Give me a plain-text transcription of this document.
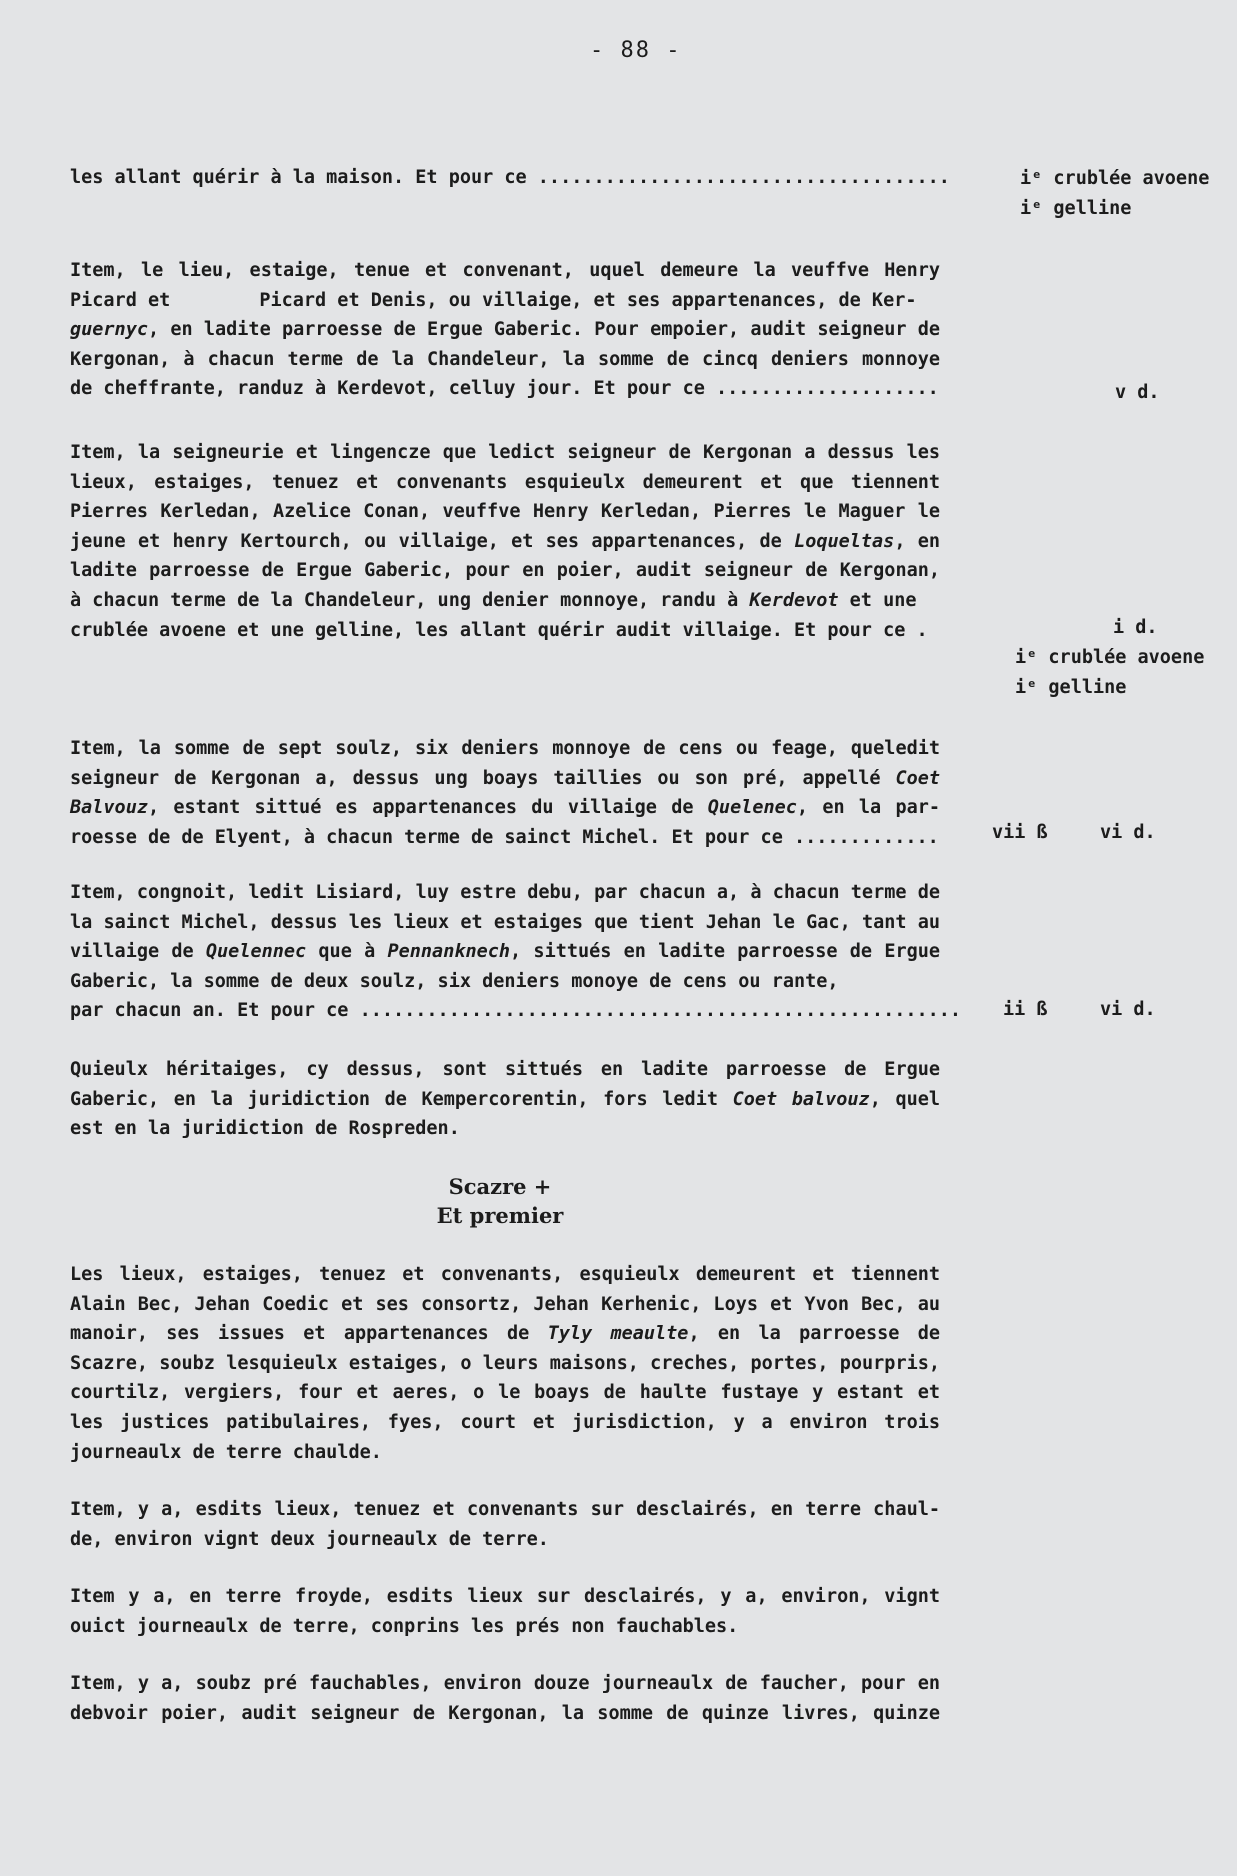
- 88 -
les allant quérir à la maison. Et pour ce .....................................	iᵉ crublée avoene
iᵉ gelline
Item, le lieu, estaige, tenue et convenant, uquel demeure la veuffve Henry
Picard et        Picard et Denis, ou villaige, et ses appartenances, de Ker-
guernyc, en ladite parroesse de Ergue Gaberic. Pour empoier, audit seigneur de
Kergonan, à chacun terme de la Chandeleur, la somme de cincq deniers monnoye
de cheffrante, randuz à Kerdevot, celluy jour. Et pour ce ....................	v d.
Item, la seigneurie et lingencze que ledict seigneur de Kergonan a dessus les
lieux, estaiges, tenuez et convenants esquieulx demeurent et que tiennent
Pierres Kerledan, Azelice Conan, veuffve Henry Kerledan, Pierres le Maguer le
jeune et henry Kertourch, ou villaige, et ses appartenances, de Loqueltas, en
ladite parroesse de Ergue Gaberic, pour en poier, audit seigneur de Kergonan,
à chacun terme de la Chandeleur, ung denier monnoye, randu à Kerdevot et une
crublée avoene et une gelline, les allant quérir audit villaige. Et pour ce .	i d.
iᵉ crublée avoene
iᵉ gelline
Item, la somme de sept soulz, six deniers monnoye de cens ou feage, queledit
seigneur de Kergonan a, dessus ung boays taillies ou son pré, appellé Coet
Balvouz, estant sittué es appartenances du villaige de Quelenec, en la par-
roesse de de Elyent, à chacun terme de sainct Michel. Et pour ce .............	vii ß	vi d.
Item, congnoit, ledit Lisiard, luy estre debu, par chacun a, à chacun terme de
la sainct Michel, dessus les lieux et estaiges que tient Jehan le Gac, tant au
villaige de Quelennec que à Pennanknech, sittués en ladite parroesse de Ergue
Gaberic, la somme de deux soulz, six deniers monoye de cens ou rante,
par chacun an. Et pour ce ...................................................... ii ß	vi d.
Quieulx héritaiges, cy dessus, sont sittués en ladite parroesse de Ergue
Gaberic, en la juridiction de Kempercorentin, fors ledit Coet balvouz, quel
est en la juridiction de Rospreden.
Scazre +
Et premier
Les lieux, estaiges, tenuez et convenants, esquieulx demeurent et tiennent
Alain Bec, Jehan Coedic et ses consortz, Jehan Kerhenic, Loys et Yvon Bec, au
manoir, ses issues et appartenances de Tyly meaulte, en la parroesse de
Scazre, soubz lesquieulx estaiges, o leurs maisons, creches, portes, pourpris,
courtilz, vergiers, four et aeres, o le boays de haulte fustaye y estant et
les justices patibulaires, fyes, court et jurisdiction, y a environ trois
journeaulx de terre chaulde.
Item, y a, esdits lieux, tenuez et convenants sur desclairés, en terre chaul-
de, environ vignt deux journeaulx de terre.
Item y a, en terre froyde, esdits lieux sur desclairés, y a, environ, vignt
ouict journeaulx de terre, conprins les prés non fauchables.
Item, y a, soubz pré fauchables, environ douze journeaulx de faucher, pour en
debvoir poier, audit seigneur de Kergonan, la somme de quinze livres, quinze
